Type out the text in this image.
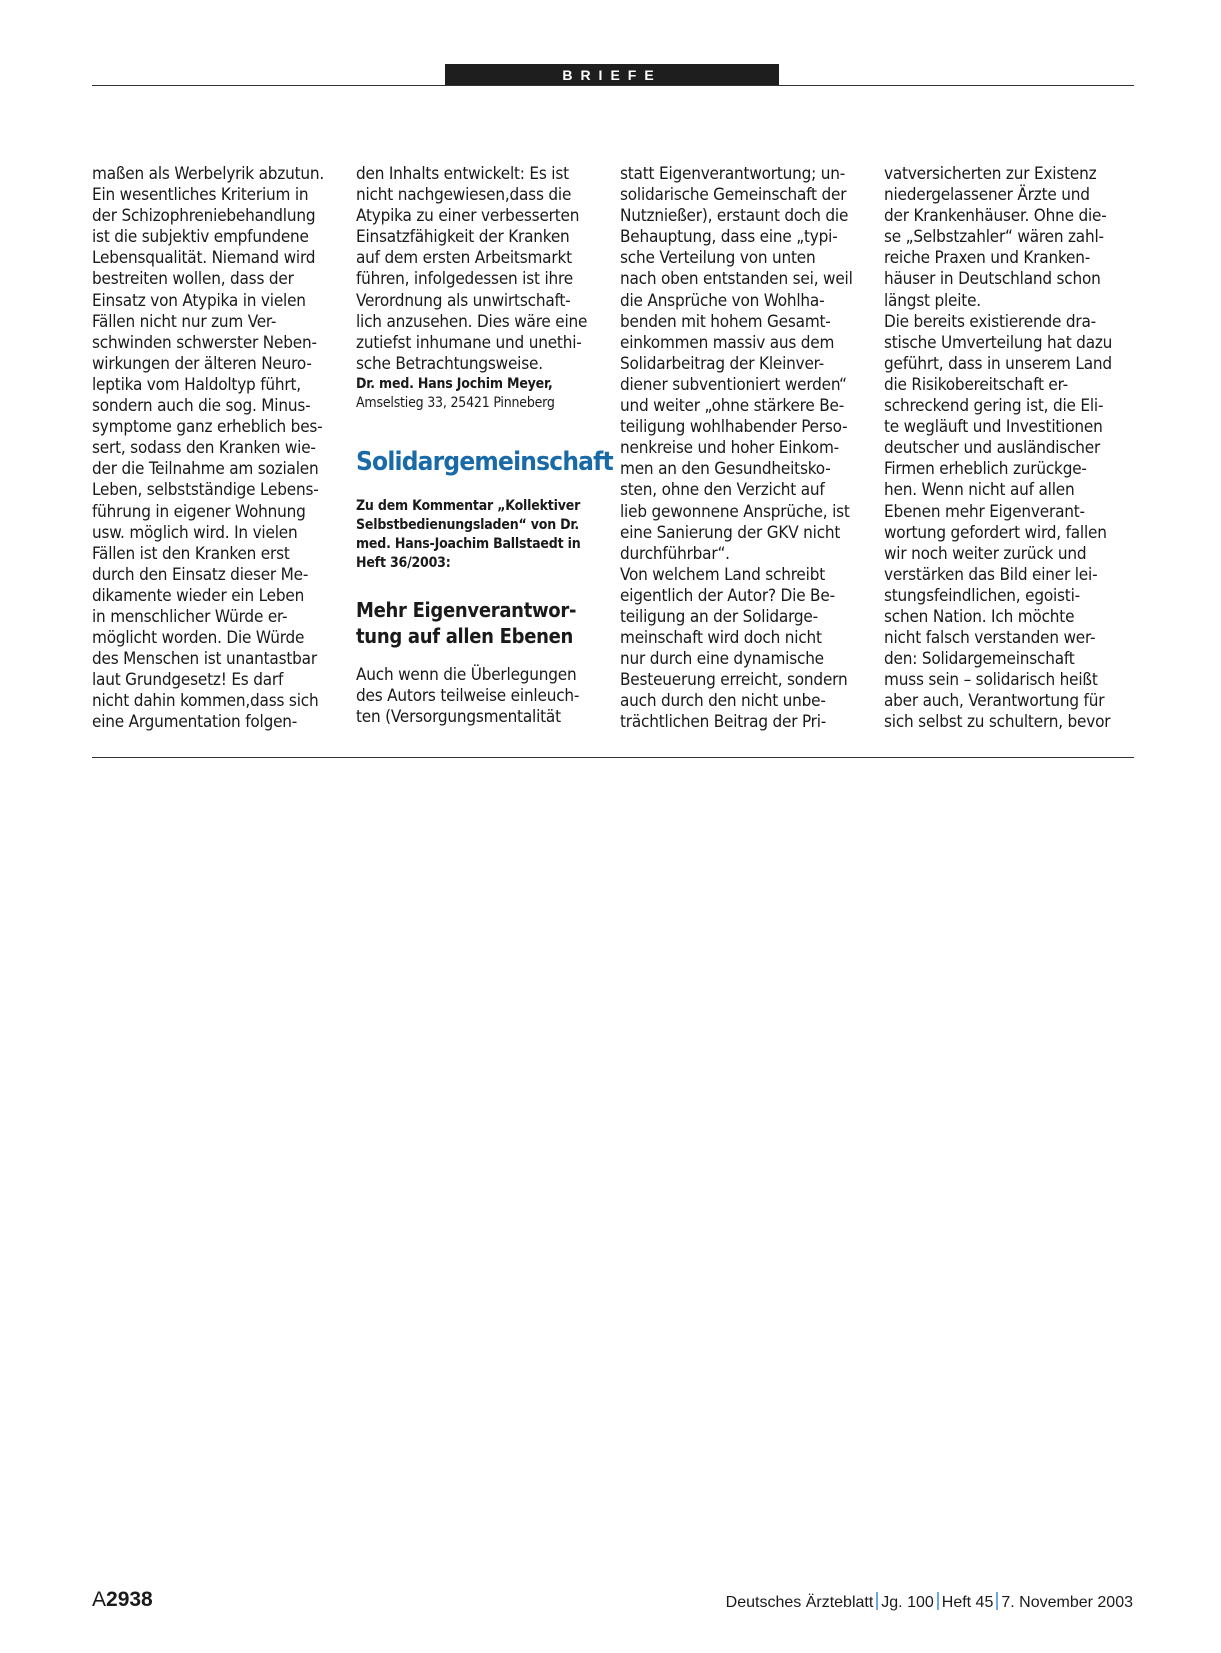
BRIEFE
maßen als Werbelyrik abzutun.
Ein wesentliches Kriterium in
der Schizophreniebehandlung
ist die subjektiv empfundene
Lebensqualität. Niemand wird
bestreiten wollen, dass der
Einsatz von Atypika in vielen
Fällen nicht nur zum Ver-
schwinden schwerster Neben-
wirkungen der älteren Neuro-
leptika vom Haldoltyp führt,
sondern auch die sog. Minus-
symptome ganz erheblich bes-
sert, sodass den Kranken wie-
der die Teilnahme am sozialen
Leben, selbstständige Lebens-
führung in eigener Wohnung
usw. möglich wird. In vielen
Fällen ist den Kranken erst
durch den Einsatz dieser Me-
dikamente wieder ein Leben
in menschlicher Würde er-
möglicht worden. Die Würde
des Menschen ist unantastbar
laut Grundgesetz! Es darf
nicht dahin kommen,dass sich
eine Argumentation folgen-
den Inhalts entwickelt: Es ist
nicht nachgewiesen,dass die
Atypika zu einer verbesserten
Einsatzfähigkeit der Kranken
auf dem ersten Arbeitsmarkt
führen, infolgedessen ist ihre
Verordnung als unwirtschaft-
lich anzusehen. Dies wäre eine
zutiefst inhumane und unethi-
sche Betrachtungsweise.
Dr. med. Hans Jochim Meyer,
Amselstieg 33, 25421 Pinneberg
Solidargemeinschaft
Zu dem Kommentar „Kollektiver
Selbstbedienungsladen“ von Dr.
med. Hans-Joachim Ballstaedt in
Heft 36/2003:
Mehr Eigenverantwor-
tung auf allen Ebenen
Auch wenn die Überlegungen
des Autors teilweise einleuch-
ten (Versorgungsmentalität
statt Eigenverantwortung; un-
solidarische Gemeinschaft der
Nutznießer), erstaunt doch die
Behauptung, dass eine „typi-
sche Verteilung von unten
nach oben entstanden sei, weil
die Ansprüche von Wohlha-
benden mit hohem Gesamt-
einkommen massiv aus dem
Solidarbeitrag der Kleinver-
diener subventioniert werden“
und weiter „ohne stärkere Be-
teiligung wohlhabender Perso-
nenkreise und hoher Einkom-
men an den Gesundheitsko-
sten, ohne den Verzicht auf
lieb gewonnene Ansprüche, ist
eine Sanierung der GKV nicht
durchführbar“.
Von welchem Land schreibt
eigentlich der Autor? Die Be-
teiligung an der Solidarge-
meinschaft wird doch nicht
nur durch eine dynamische
Besteuerung erreicht, sondern
auch durch den nicht unbe-
trächtlichen Beitrag der Pri-
vatversicherten zur Existenz
niedergelassener Ärzte und
der Krankenhäuser. Ohne die-
se „Selbstzahler“ wären zahl-
reiche Praxen und Kranken-
häuser in Deutschland schon
längst pleite.
Die bereits existierende dra-
stische Umverteilung hat dazu
geführt, dass in unserem Land
die Risikobereitschaft er-
schreckend gering ist, die Eli-
te wegläuft und Investitionen
deutscher und ausländischer
Firmen erheblich zurückge-
hen. Wenn nicht auf allen
Ebenen mehr Eigenverant-
wortung gefordert wird, fallen
wir noch weiter zurück und
verstärken das Bild einer lei-
stungsfeindlichen, egoisti-
schen Nation. Ich möchte
nicht falsch verstanden wer-
den: Solidargemeinschaft
muss sein – solidarisch heißt
aber auch, Verantwortung für
sich selbst zu schultern, bevor
A2938	Deutsches Ärzteblatt Jg. 100 Heft 45 7. November 2003
